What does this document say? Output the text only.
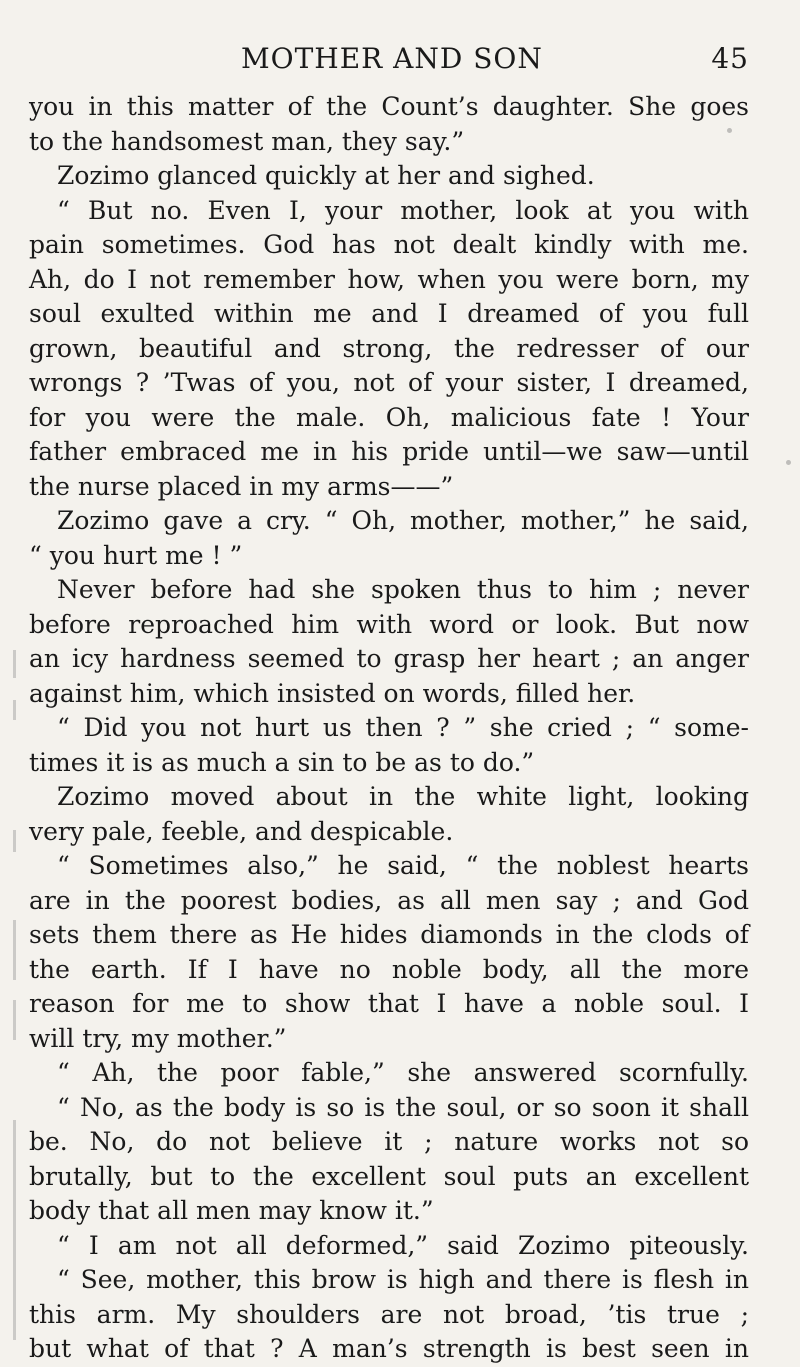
MOTHER AND SON	45
you in this matter of the Count’s daughter. She goes
to the handsomest man, they say.”
Zozimo glanced quickly at her and sighed.
“ But no. Even I, your mother, look at you with
pain sometimes. God has not dealt kindly with me.
Ah, do I not remember how, when you were born, my
soul exulted within me and I dreamed of you full
grown, beautiful and strong, the redresser of our
wrongs ? ’Twas of you, not of your sister, I dreamed,
for you were the male. Oh, malicious fate ! Your
father embraced me in his pride until—we saw—until
the nurse placed in my arms——”
Zozimo gave a cry. “ Oh, mother, mother,” he said,
“ you hurt me ! ”
Never before had she spoken thus to him ; never
before reproached him with word or look. But now
an icy hardness seemed to grasp her heart ; an anger
against him, which insisted on words, filled her.
“ Did you not hurt us then ? ” she cried ; “ some-
times it is as much a sin to be as to do.”
Zozimo moved about in the white light, looking
very pale, feeble, and despicable.
“ Sometimes also,” he said, “ the noblest hearts
are in the poorest bodies, as all men say ; and God
sets them there as He hides diamonds in the clods of
the earth. If I have no noble body, all the more
reason for me to show that I have a noble soul. I
will try, my mother.”
“ Ah, the poor fable,” she answered scornfully.
“ No, as the body is so is the soul, or so soon it shall
be. No, do not believe it ; nature works not so
brutally, but to the excellent soul puts an excellent
body that all men may know it.”
“ I am not all deformed,” said Zozimo piteously.
“ See, mother, this brow is high and there is flesh in
this arm. My shoulders are not broad, ’tis true ;
but what of that ? A man’s strength is best seen in
